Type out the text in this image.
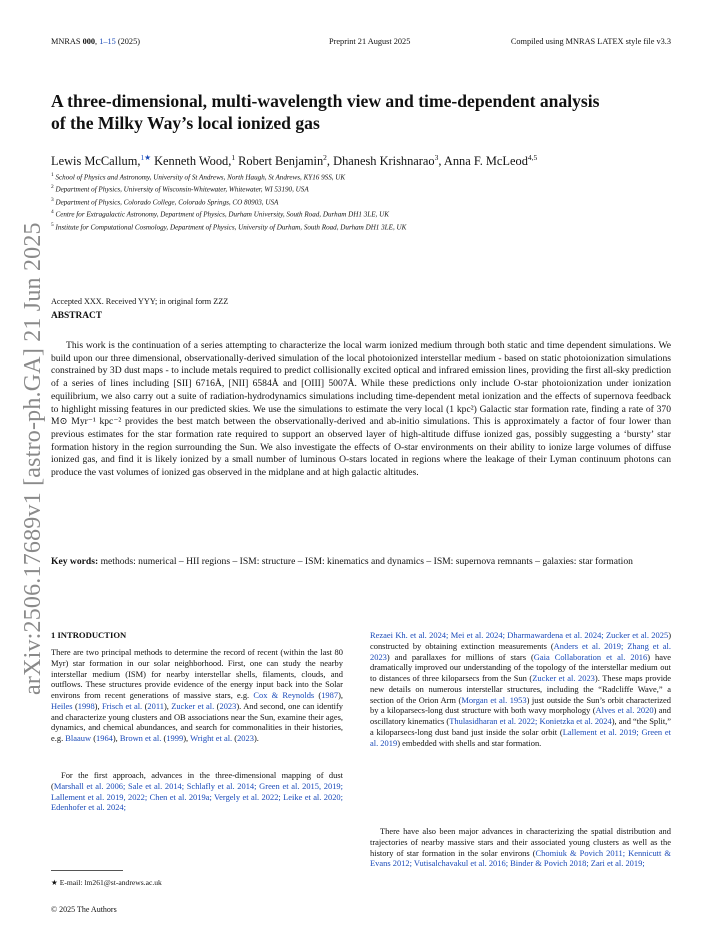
MNRAS 000, 1–15 (2025)	Preprint 21 August 2025	Compiled using MNRAS LATEX style file v3.3
arXiv:2506.17689v1 [astro-ph.GA] 21 Jun 2025
A three-dimensional, multi-wavelength view and time-dependent analysis
of the Milky Way’s local ionized gas
Lewis McCallum,$^{1★}$ Kenneth Wood,$^1$ Robert Benjamin$^2$, Dhanesh Krishnarao$^3$, Anna F. McLeod$^{4,5}$
$^1$ School of Physics and Astronomy, University of St Andrews, North Haugh, St Andrews, KY16 9SS, UK
$^2$ Department of Physics, University of Wisconsin-Whitewater, Whitewater, WI 53190, USA
$^3$ Department of Physics, Colorado College, Colorado Springs, CO 80903, USA
$^4$ Centre for Extragalactic Astronomy, Department of Physics, Durham University, South Road, Durham DH1 3LE, UK
$^5$ Institute for Computational Cosmology, Department of Physics, University of Durham, South Road, Durham DH1 3LE, UK
Accepted XXX. Received YYY; in original form ZZZ
ABSTRACT

This work is the continuation of a series attempting to characterize the local warm ionized medium through both static and time dependent simulations. We build upon our three dimensional, observationally-derived simulation of the local photoionized interstellar medium - based on static photoionization simulations constrained by 3D dust maps - to include metals required to predict collisionally excited optical and infrared emission lines, providing the first all-sky prediction of a series of lines including [SII] 6716Å, [NII] 6584Å and [OIII] 5007Å. While these predictions only include O-star photoionization under ionization equilibrium, we also carry out a suite of radiation-hydrodynamics simulations including time-dependent metal ionization and the effects of supernova feedback to highlight missing features in our predicted skies. We use the simulations to estimate the very local (1 kpc²) Galactic star formation rate, finding a rate of 370 M⊙ Myr⁻¹ kpc⁻² provides the best match between the observationally-derived and ab-initio simulations. This is approximately a factor of four lower than previous estimates for the star formation rate required to support an observed layer of high-altitude diffuse ionized gas, possibly suggesting a ‘bursty’ star formation history in the region surrounding the Sun. We also investigate the effects of O-star environments on their ability to ionize large volumes of diffuse ionized gas, and find it is likely ionized by a small number of luminous O-stars located in regions where the leakage of their Lyman continuum photons can produce the vast volumes of ionized gas observed in the midplane and at high galactic altitudes.

Key words: methods: numerical – HII regions – ISM: structure – ISM: kinematics and dynamics – ISM: supernova remnants – galaxies: star formation

1 INTRODUCTION

There are two principal methods to determine the record of recent (within the last 80 Myr) star formation in our solar neighborhood. First, one can study the nearby interstellar medium (ISM) for nearby interstellar shells, filaments, clouds, and outflows. These structures provide evidence of the energy input back into the Solar environs from recent generations of massive stars, e.g. Cox & Reynolds (1987), Heiles (1998), Frisch et al. (2011), Zucker et al. (2023). And second, one can identify and characterize young clusters and OB associations near the Sun, examine their ages, dynamics, and chemical abundances, and search for commonalities in their histories, e.g. Blaauw (1964), Brown et al. (1999), Wright et al. (2023).

For the first approach, advances in the three-dimensional mapping of dust (Marshall et al. 2006; Sale et al. 2014; Schlafly et al. 2014; Green et al. 2015, 2019; Lallement et al. 2019, 2022; Chen et al. 2019a; Vergely et al. 2022; Leike et al. 2020; Edenhofer et al. 2024;

Rezaei Kh. et al. 2024; Mei et al. 2024; Dharmawardena et al. 2024; Zucker et al. 2025) constructed by obtaining extinction measurements (Anders et al. 2019; Zhang et al. 2023) and parallaxes for millions of stars (Gaia Collaboration et al. 2016) have dramatically improved our understanding of the topology of the interstellar medium out to distances of three kiloparsecs from the Sun (Zucker et al. 2023). These maps provide new details on numerous interstellar structures, including the “Radcliffe Wave,” a section of the Orion Arm (Morgan et al. 1953) just outside the Sun’s orbit characterized by a kiloparsecs-long dust structure with both wavy morphology (Alves et al. 2020) and oscillatory kinematics (Thulasidharan et al. 2022; Konietzka et al. 2024), and “the Split,” a kiloparsecs-long dust band just inside the solar orbit (Lallement et al. 2019; Green et al. 2019) embedded with shells and star formation.

There have also been major advances in characterizing the spatial distribution and trajectories of nearby massive stars and their associated young clusters as well as the history of star formation in the solar environs (Chomiuk & Povich 2011; Kennicutt & Evans 2012; Vutisalchavakul et al. 2016; Binder & Povich 2018; Zari et al. 2019;

★ E-mail: lm261@st-andrews.ac.uk
© 2025 The Authors
